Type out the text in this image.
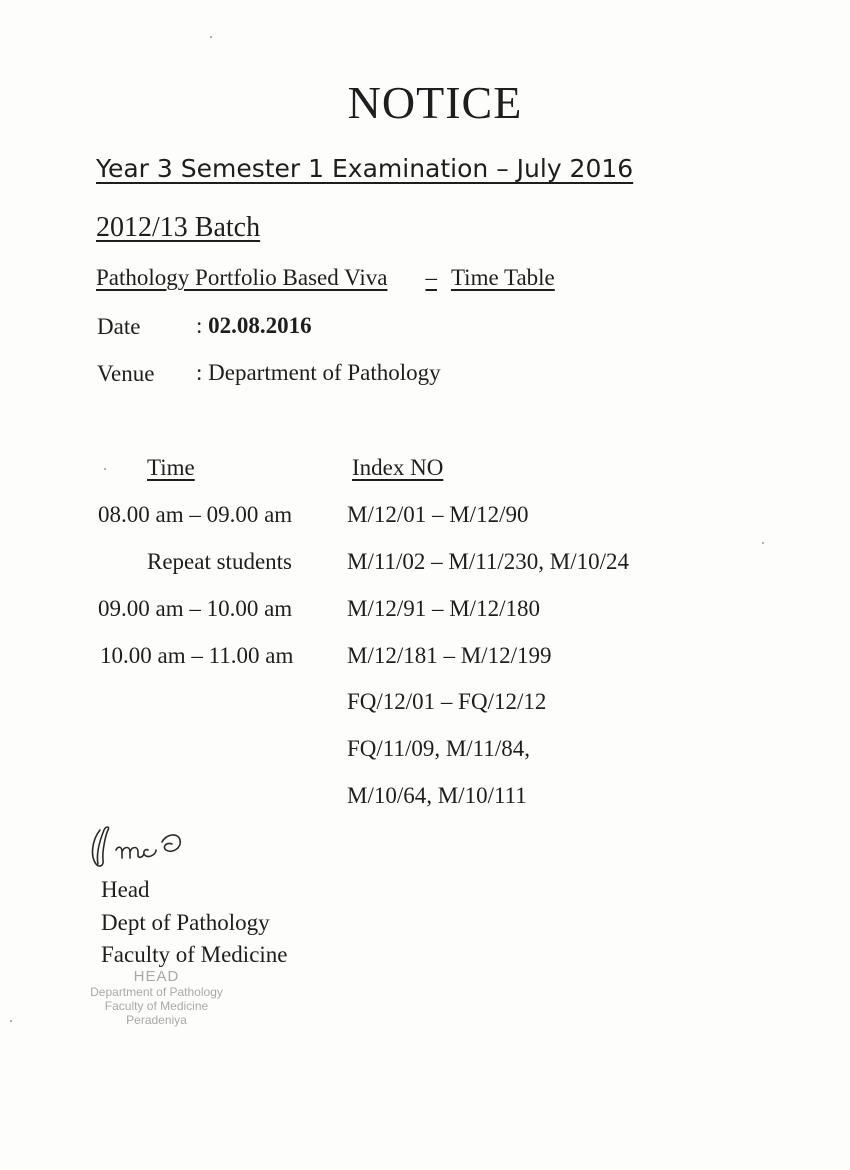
NOTICE
Year 3 Semester 1 Examination – July 2016
2012/13 Batch
Pathology Portfolio Based Viva – Time Table
Date : 02.08.2016
Venue : Department of Pathology
Time	Index NO
08.00 am – 09.00 am M/12/01 – M/12/90
Repeat students M/11/02 – M/11/230, M/10/24
09.00 am – 10.00 am M/12/91 – M/12/180
10.00 am – 11.00 am M/12/181 – M/12/199
FQ/12/01 – FQ/12/12
FQ/11/09, M/11/84,
M/10/64, M/10/111
Head
Dept of Pathology
Faculty of Medicine
HEAD
Department of Pathology
Faculty of Medicine
Peradeniya
